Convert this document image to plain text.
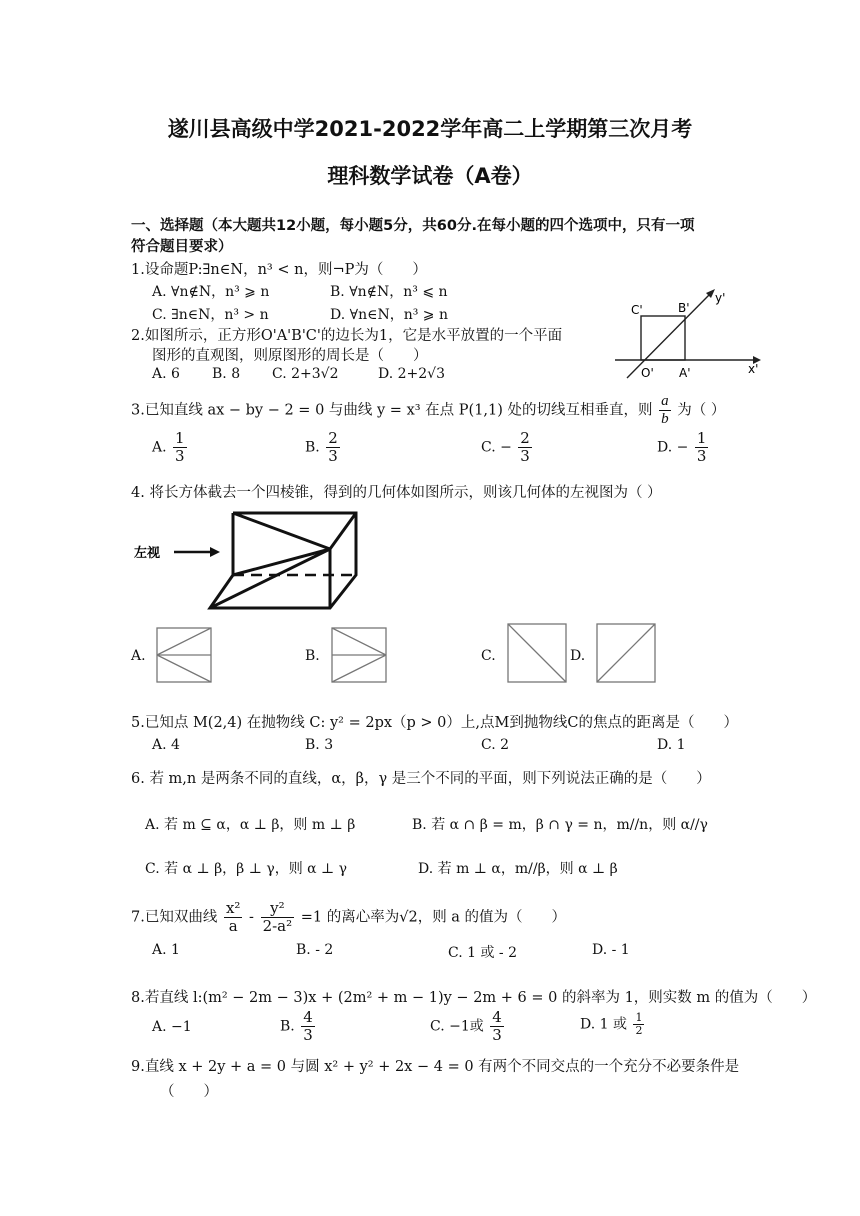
遂川县高级中学2021-2022学年高二上学期第三次月考
理科数学试卷（A卷）
一、选择题（本大题共12小题，每小题5分，共60分.在每小题的四个选项中，只有一项
符合题目要求）
1.设命题P:∃n∈N，n³ < n，则¬P为（　　）
A. ∀n∉N，n³ ⩾ n	B. ∀n∉N，n³ ⩽ n
C. ∃n∈N，n³ > n	D. ∀n∈N，n³ ⩾ n
2.如图所示，正方形O'A'B'C'的边长为1，它是水平放置的一个平面
图形的直观图，则原图形的周长是（　　）
A. 6 B. 8 C. 2+3√2	D. 2+2√3
C'	B'
O' A'	x'
y'
3.已知直线 ax − by − 2 = 0 与曲线 y = x³ 在点 P(1,1) 处的切线互相垂直，则 $\frac{a}{b}$ 为（ ）
A. $\frac{1}{3}$	B. $\frac{2}{3}$	C. − $\frac{2}{3}$	D. − $\frac{1}{3}$
4. 将长方体截去一个四棱锥，得到的几何体如图所示，则该几何体的左视图为（ ）
左视
A.	B.	C.	D.
5.已知点 M(2,4) 在抛物线 C: y² = 2px（p > 0）上,点M到抛物线C的焦点的距离是（　　）
A. 4	B. 3	C. 2	D. 1
6. 若 m,n 是两条不同的直线，α，β，γ 是三个不同的平面，则下列说法正确的是（　　）
A. 若 m ⊆ α，α ⊥ β，则 m ⊥ β	B. 若 α ∩ β = m，β ∩ γ = n，m//n，则 α//γ
C. 若 α ⊥ β，β ⊥ γ，则 α ⊥ γ	D. 若 m ⊥ α，m//β，则 α ⊥ β
7.已知双曲线 $\frac{\text{x²}}{a} - \frac{\text{y²}}{\text{2-a²}} =1$ 的离心率为√2，则 a 的值为（　　）
A. 1	B. - 2	C. 1 或 - 2	D. - 1
8.若直线 l:(m² − 2m − 3)x + (2m² + m − 1)y − 2m + 6 = 0 的斜率为 1，则实数 m 的值为（　　）
A. −1	B. $\frac{4}{3}$	C. −1或 $\frac{4}{3}$	D. 1 或 $\frac{1}{2}$
9.直线 x + 2y + a = 0 与圆 x² + y² + 2x − 4 = 0 有两个不同交点的一个充分不必要条件是
（　　）
